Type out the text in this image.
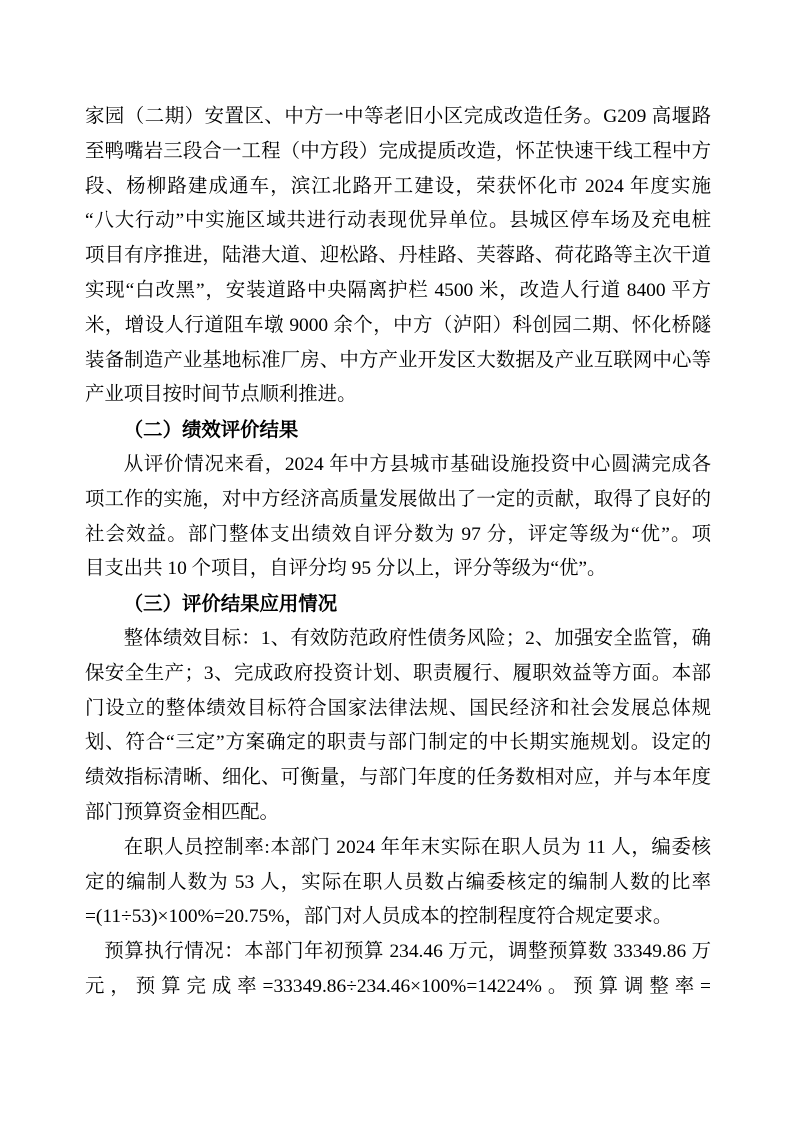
家园（二期）安置区、中方一中等老旧小区完成改造任务。G209 高堰路
至鸭嘴岩三段合一工程（中方段）完成提质改造，怀芷快速干线工程中方
段、杨柳路建成通车，滨江北路开工建设，荣获怀化市 2024 年度实施
“八大行动”中实施区域共进行动表现优异单位。县城区停车场及充电桩
项目有序推进，陆港大道、迎松路、丹桂路、芙蓉路、荷花路等主次干道
实现“白改黑”，安装道路中央隔离护栏 4500 米，改造人行道 8400 平方
米，增设人行道阻车墩 9000 余个，中方（泸阳）科创园二期、怀化桥隧
装备制造产业基地标准厂房、中方产业开发区大数据及产业互联网中心等
产业项目按时间节点顺利推进。
（二）绩效评价结果
从评价情况来看，2024 年中方县城市基础设施投资中心圆满完成各
项工作的实施，对中方经济高质量发展做出了一定的贡献，取得了良好的
社会效益。部门整体支出绩效自评分数为 97 分，评定等级为“优”。项
目支出共 10 个项目，自评分均 95 分以上，评分等级为“优”。
（三）评价结果应用情况
整体绩效目标：1、有效防范政府性债务风险；2、加强安全监管，确
保安全生产；3、完成政府投资计划、职责履行、履职效益等方面。本部
门设立的整体绩效目标符合国家法律法规、国民经济和社会发展总体规
划、符合“三定”方案确定的职责与部门制定的中长期实施规划。设定的
绩效指标清晰、细化、可衡量，与部门年度的任务数相对应，并与本年度
部门预算资金相匹配。
在职人员控制率:本部门 2024 年年末实际在职人员为 11 人，编委核
定的编制人数为 53 人，实际在职人员数占编委核定的编制人数的比率
=(11÷53)×100%=20.75%，部门对人员成本的控制程度符合规定要求。
预算执行情况：本部门年初预算 234.46 万元，调整预算数 33349.86 万
元，预算完成率=33349.86÷234.46×100%=14224%。预算调整率=
